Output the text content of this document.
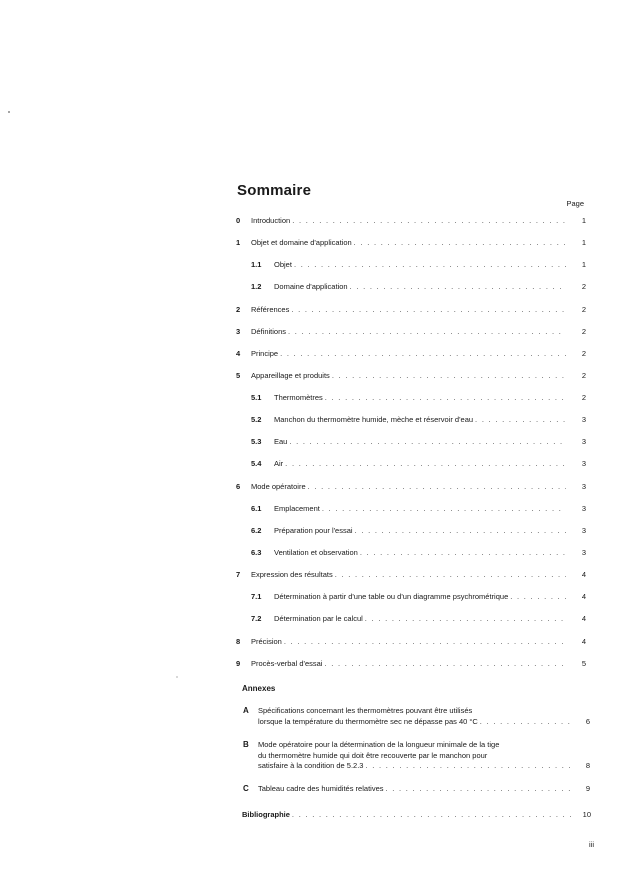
Sommaire
Page
0 Introduction . . .	1
1 Objet et domaine d'application . . .	1
1.1 Objet . . .	1
1.2 Domaine d'application . . .	2
2 Références . . .	2
3 Définitions . . .	2
4 Principe . . .	2
5 Appareillage et produits . . .	2
5.1 Thermomètres . . .	2
5.2 Manchon du thermomètre humide, mèche et réservoir d'eau . . .	3
5.3 Eau . . .	3
5.4 Air . . .	3
6 Mode opératoire . . .	3
6.1 Emplacement . . .	3
6.2 Préparation pour l'essai . . .	3
6.3 Ventilation et observation . . .	3
7 Expression des résultats . . .	4
7.1 Détermination à partir d'une table ou d'un diagramme psychrométrique . . .	4
7.2 Détermination par le calcul . . .	4
8 Précision . . .	4
9 Procès-verbal d'essai . . .	5
Annexes
A Spécifications concernant les thermomètres pouvant être utilisés
lorsque la température du thermomètre sec ne dépasse pas 40 °C . . .	6
B Mode opératoire pour la détermination de la longueur minimale de la tige
du thermomètre humide qui doit être recouverte par le manchon pour
satisfaire à la condition de 5.2.3 . . .	8
C Tableau cadre des humidités relatives . . .	9
Bibliographie . . .	10
iii
